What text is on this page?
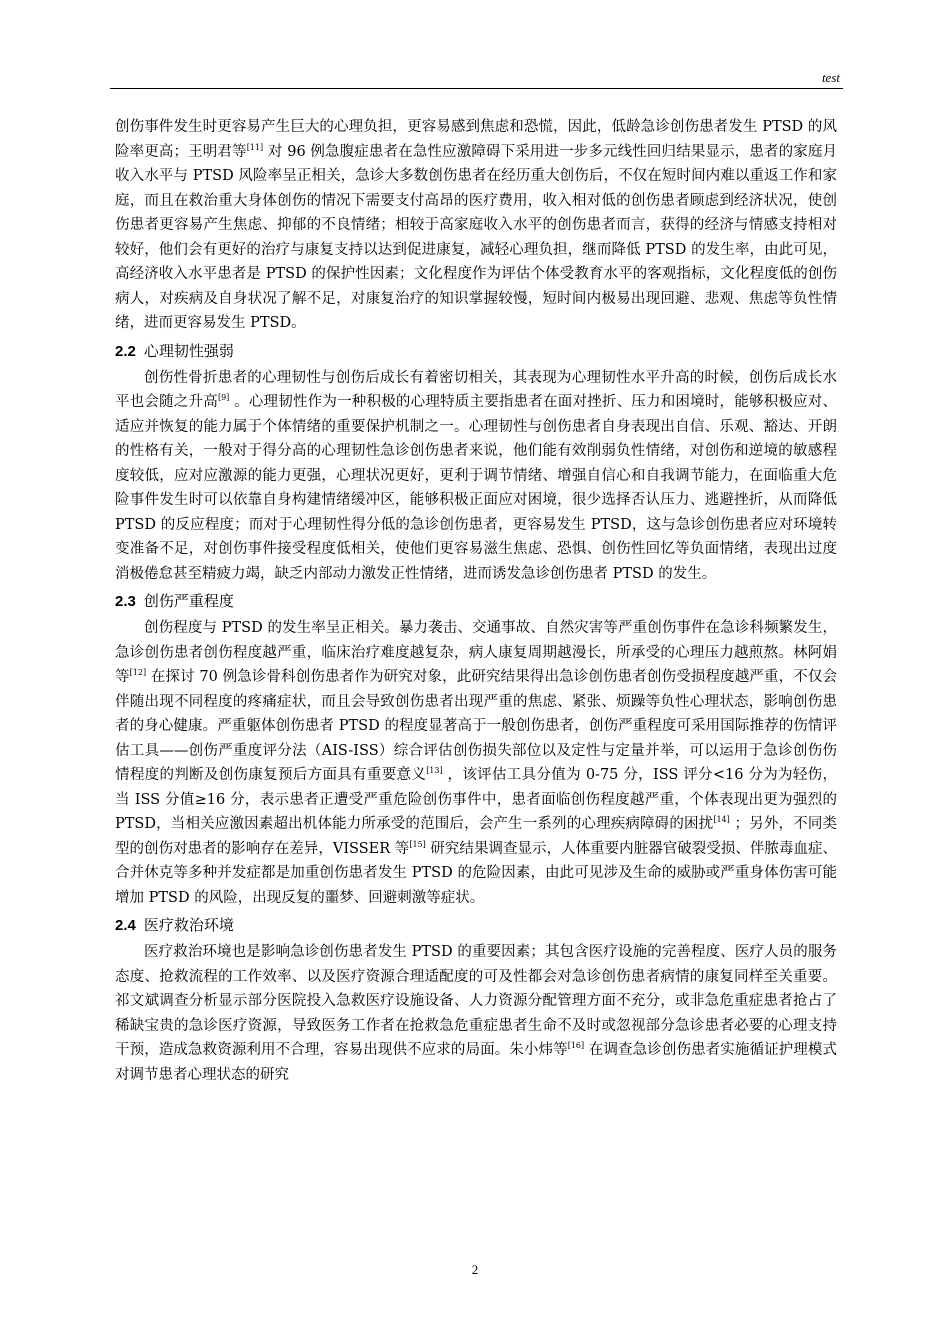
test

创伤事件发生时更容易产生巨大的心理负担，更容易感到焦虑和恐慌，因此，低龄急诊创伤患者发生 PTSD 的风险率更高；王明君等[11] 对 96 例急腹症患者在急性应激障碍下采用进一步多元线性回归结果显示，患者的家庭月收入水平与 PTSD 风险率呈正相关，急诊大多数创伤患者在经历重大创伤后，不仅在短时间内难以重返工作和家庭，而且在救治重大身体创伤的情况下需要支付高昂的医疗费用，收入相对低的创伤患者顾虑到经济状况，使创伤患者更容易产生焦虑、抑郁的不良情绪；相较于高家庭收入水平的创伤患者而言，获得的经济与情感支持相对较好，他们会有更好的治疗与康复支持以达到促进康复，减轻心理负担，继而降低 PTSD 的发生率，由此可见，高经济收入水平患者是 PTSD 的保护性因素；文化程度作为评估个体受教育水平的客观指标，文化程度低的创伤病人，对疾病及自身状况了解不足，对康复治疗的知识掌握较慢，短时间内极易出现回避、悲观、焦虑等负性情绪，进而更容易发生 PTSD。

2.2 心理韧性强弱

创伤性骨折患者的心理韧性与创伤后成长有着密切相关，其表现为心理韧性水平升高的时候，创伤后成长水平也会随之升高[9] 。心理韧性作为一种积极的心理特质主要指患者在面对挫折、压力和困境时，能够积极应对、适应并恢复的能力属于个体情绪的重要保护机制之一。心理韧性与创伤患者自身表现出自信、乐观、豁达、开朗的性格有关，一般对于得分高的心理韧性急诊创伤患者来说，他们能有效削弱负性情绪，对创伤和逆境的敏感程度较低，应对应激源的能力更强，心理状况更好，更利于调节情绪、增强自信心和自我调节能力，在面临重大危险事件发生时可以依靠自身构建情绪缓冲区，能够积极正面应对困境，很少选择否认压力、逃避挫折，从而降低 PTSD 的反应程度；而对于心理韧性得分低的急诊创伤患者，更容易发生 PTSD，这与急诊创伤患者应对环境转变准备不足，对创伤事件接受程度低相关，使他们更容易滋生焦虑、恐惧、创伤性回忆等负面情绪，表现出过度消极倦怠甚至精疲力竭，缺乏内部动力激发正性情绪，进而诱发急诊创伤患者 PTSD 的发生。

2.3 创伤严重程度

创伤程度与 PTSD 的发生率呈正相关。暴力袭击、交通事故、自然灾害等严重创伤事件在急诊科频繁发生，急诊创伤患者创伤程度越严重，临床治疗难度越复杂，病人康复周期越漫长，所承受的心理压力越煎熬。林阿娟等[12] 在探讨 70 例急诊骨科创伤患者作为研究对象，此研究结果得出急诊创伤患者创伤受损程度越严重，不仅会伴随出现不同程度的疼痛症状，而且会导致创伤患者出现严重的焦虑、紧张、烦躁等负性心理状态，影响创伤患者的身心健康。严重躯体创伤患者 PTSD 的程度显著高于一般创伤患者，创伤严重程度可采用国际推荐的伤情评估工具——创伤严重度评分法（AIS-ISS）综合评估创伤损失部位以及定性与定量并举，可以运用于急诊创伤伤情程度的判断及创伤康复预后方面具有重要意义[13] ，该评估工具分值为 0-75 分，ISS 评分<16 分为为轻伤，当 ISS 分值≥16 分，表示患者正遭受严重危险创伤事件中，患者面临创伤程度越严重，个体表现出更为强烈的 PTSD，当相关应激因素超出机体能力所承受的范围后，会产生一系列的心理疾病障碍的困扰[14] ；另外，不同类型的创伤对患者的影响存在差异，VISSER 等[15] 研究结果调查显示，人体重要内脏器官破裂受损、伴脓毒血症、合并休克等多种并发症都是加重创伤患者发生 PTSD 的危险因素，由此可见涉及生命的威胁或严重身体伤害可能增加 PTSD 的风险，出现反复的噩梦、回避刺激等症状。

2.4 医疗救治环境

医疗救治环境也是影响急诊创伤患者发生 PTSD 的重要因素；其包含医疗设施的完善程度、医疗人员的服务态度、抢救流程的工作效率、以及医疗资源合理适配度的可及性都会对急诊创伤患者病情的康复同样至关重要。祁文斌调查分析显示部分医院投入急救医疗设施设备、人力资源分配管理方面不充分，或非急危重症患者抢占了稀缺宝贵的急诊医疗资源，导致医务工作者在抢救急危重症患者生命不及时或忽视部分急诊患者必要的心理支持干预，造成急救资源利用不合理，容易出现供不应求的局面。朱小炜等[16] 在调查急诊创伤患者实施循证护理模式对调节患者心理状态的研究

2
